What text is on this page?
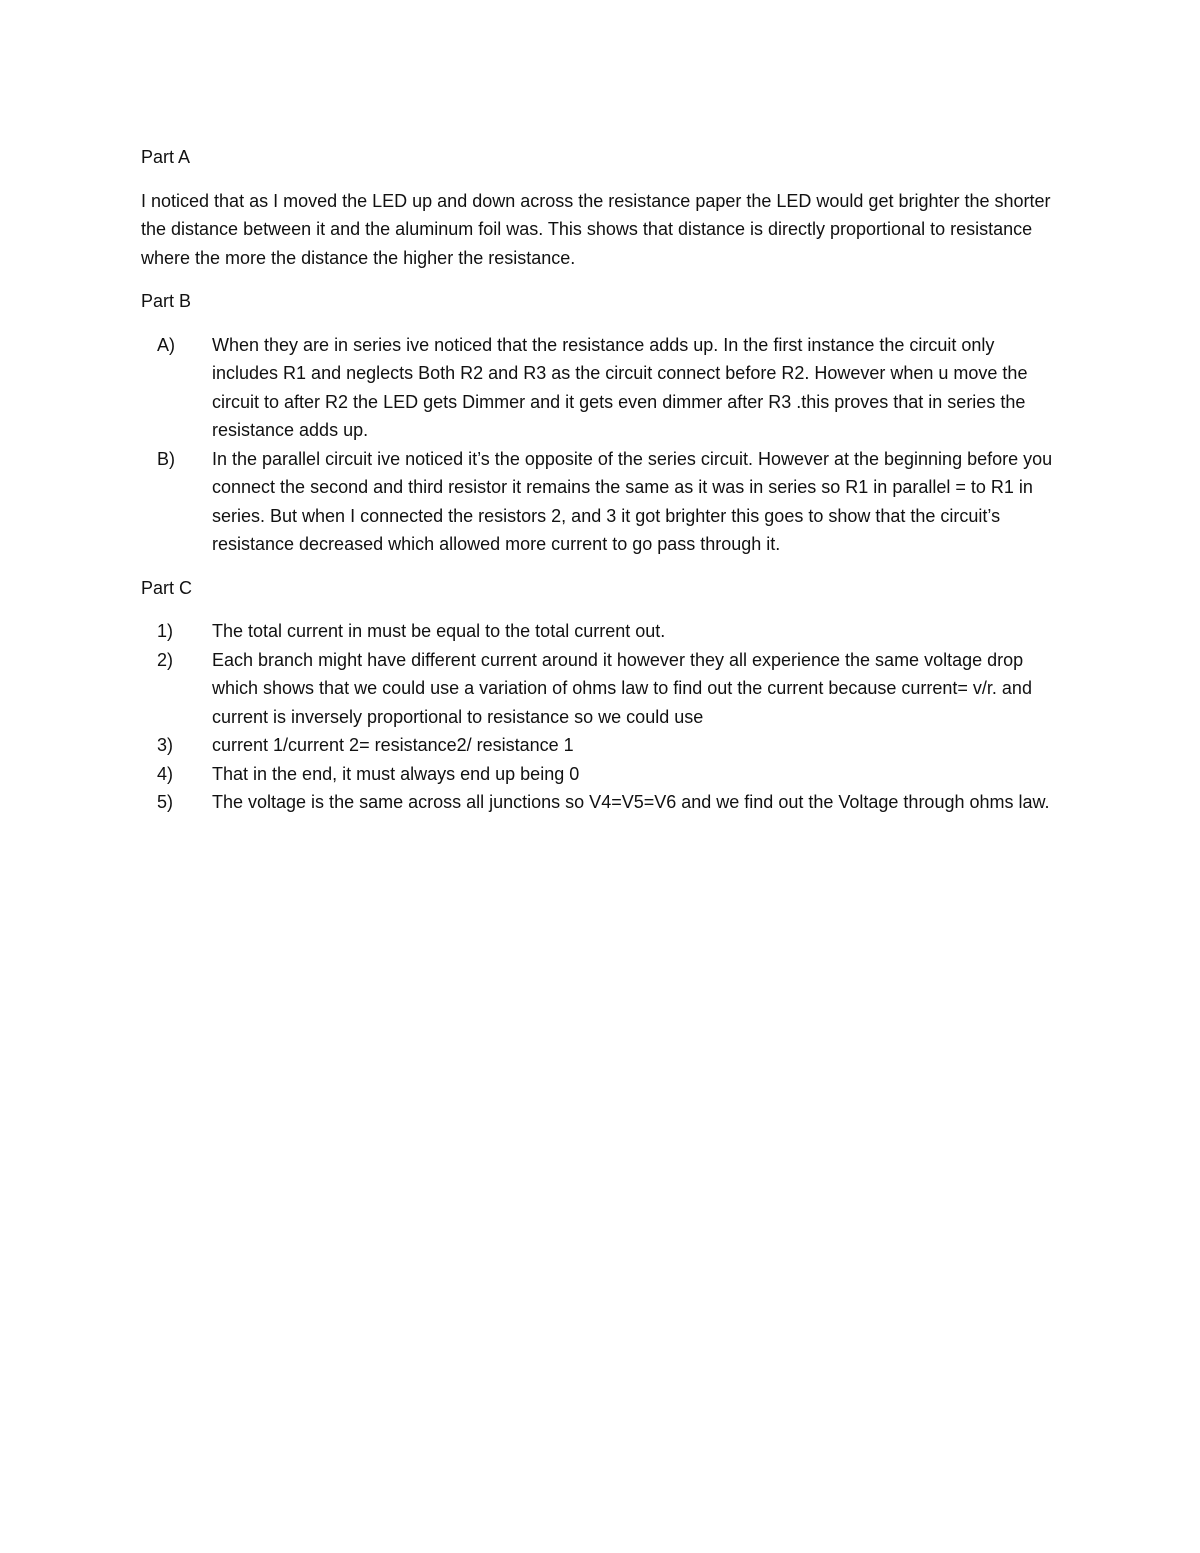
Part A
I noticed that as I moved the LED up and down across the resistance paper the LED would get brighter the shorter the distance between it and the aluminum foil was. This shows that distance is directly proportional to resistance where the more the distance the higher the resistance.
Part B
A)	When they are in series ive noticed that the resistance adds up. In the first instance the circuit only includes R1 and neglects Both R2 and R3 as the circuit connect before R2. However when u move the circuit to after R2 the LED gets Dimmer and it gets even dimmer after R3 .this proves that in series the resistance adds up.
B)	In the parallel circuit ive noticed it’s the opposite of the series circuit. However at the beginning before you connect the second and third resistor it remains the same as it was in series so R1 in parallel = to R1 in series. But when I connected the resistors 2, and 3 it got brighter this goes to show that the circuit’s resistance decreased which allowed more current to go pass through it.
Part C
1)	The total current in must be equal to the total current out.
2)	Each branch might have different current around it however they all experience the same voltage drop which shows that we could use a variation of ohms law to find out the current because current= v/r. and current is inversely proportional to resistance so we could use
3)	current 1/current 2= resistance2/ resistance 1
4)	That in the end, it must always end up being 0
5)	The voltage is the same across all junctions so V4=V5=V6 and we find out the Voltage through ohms law.
